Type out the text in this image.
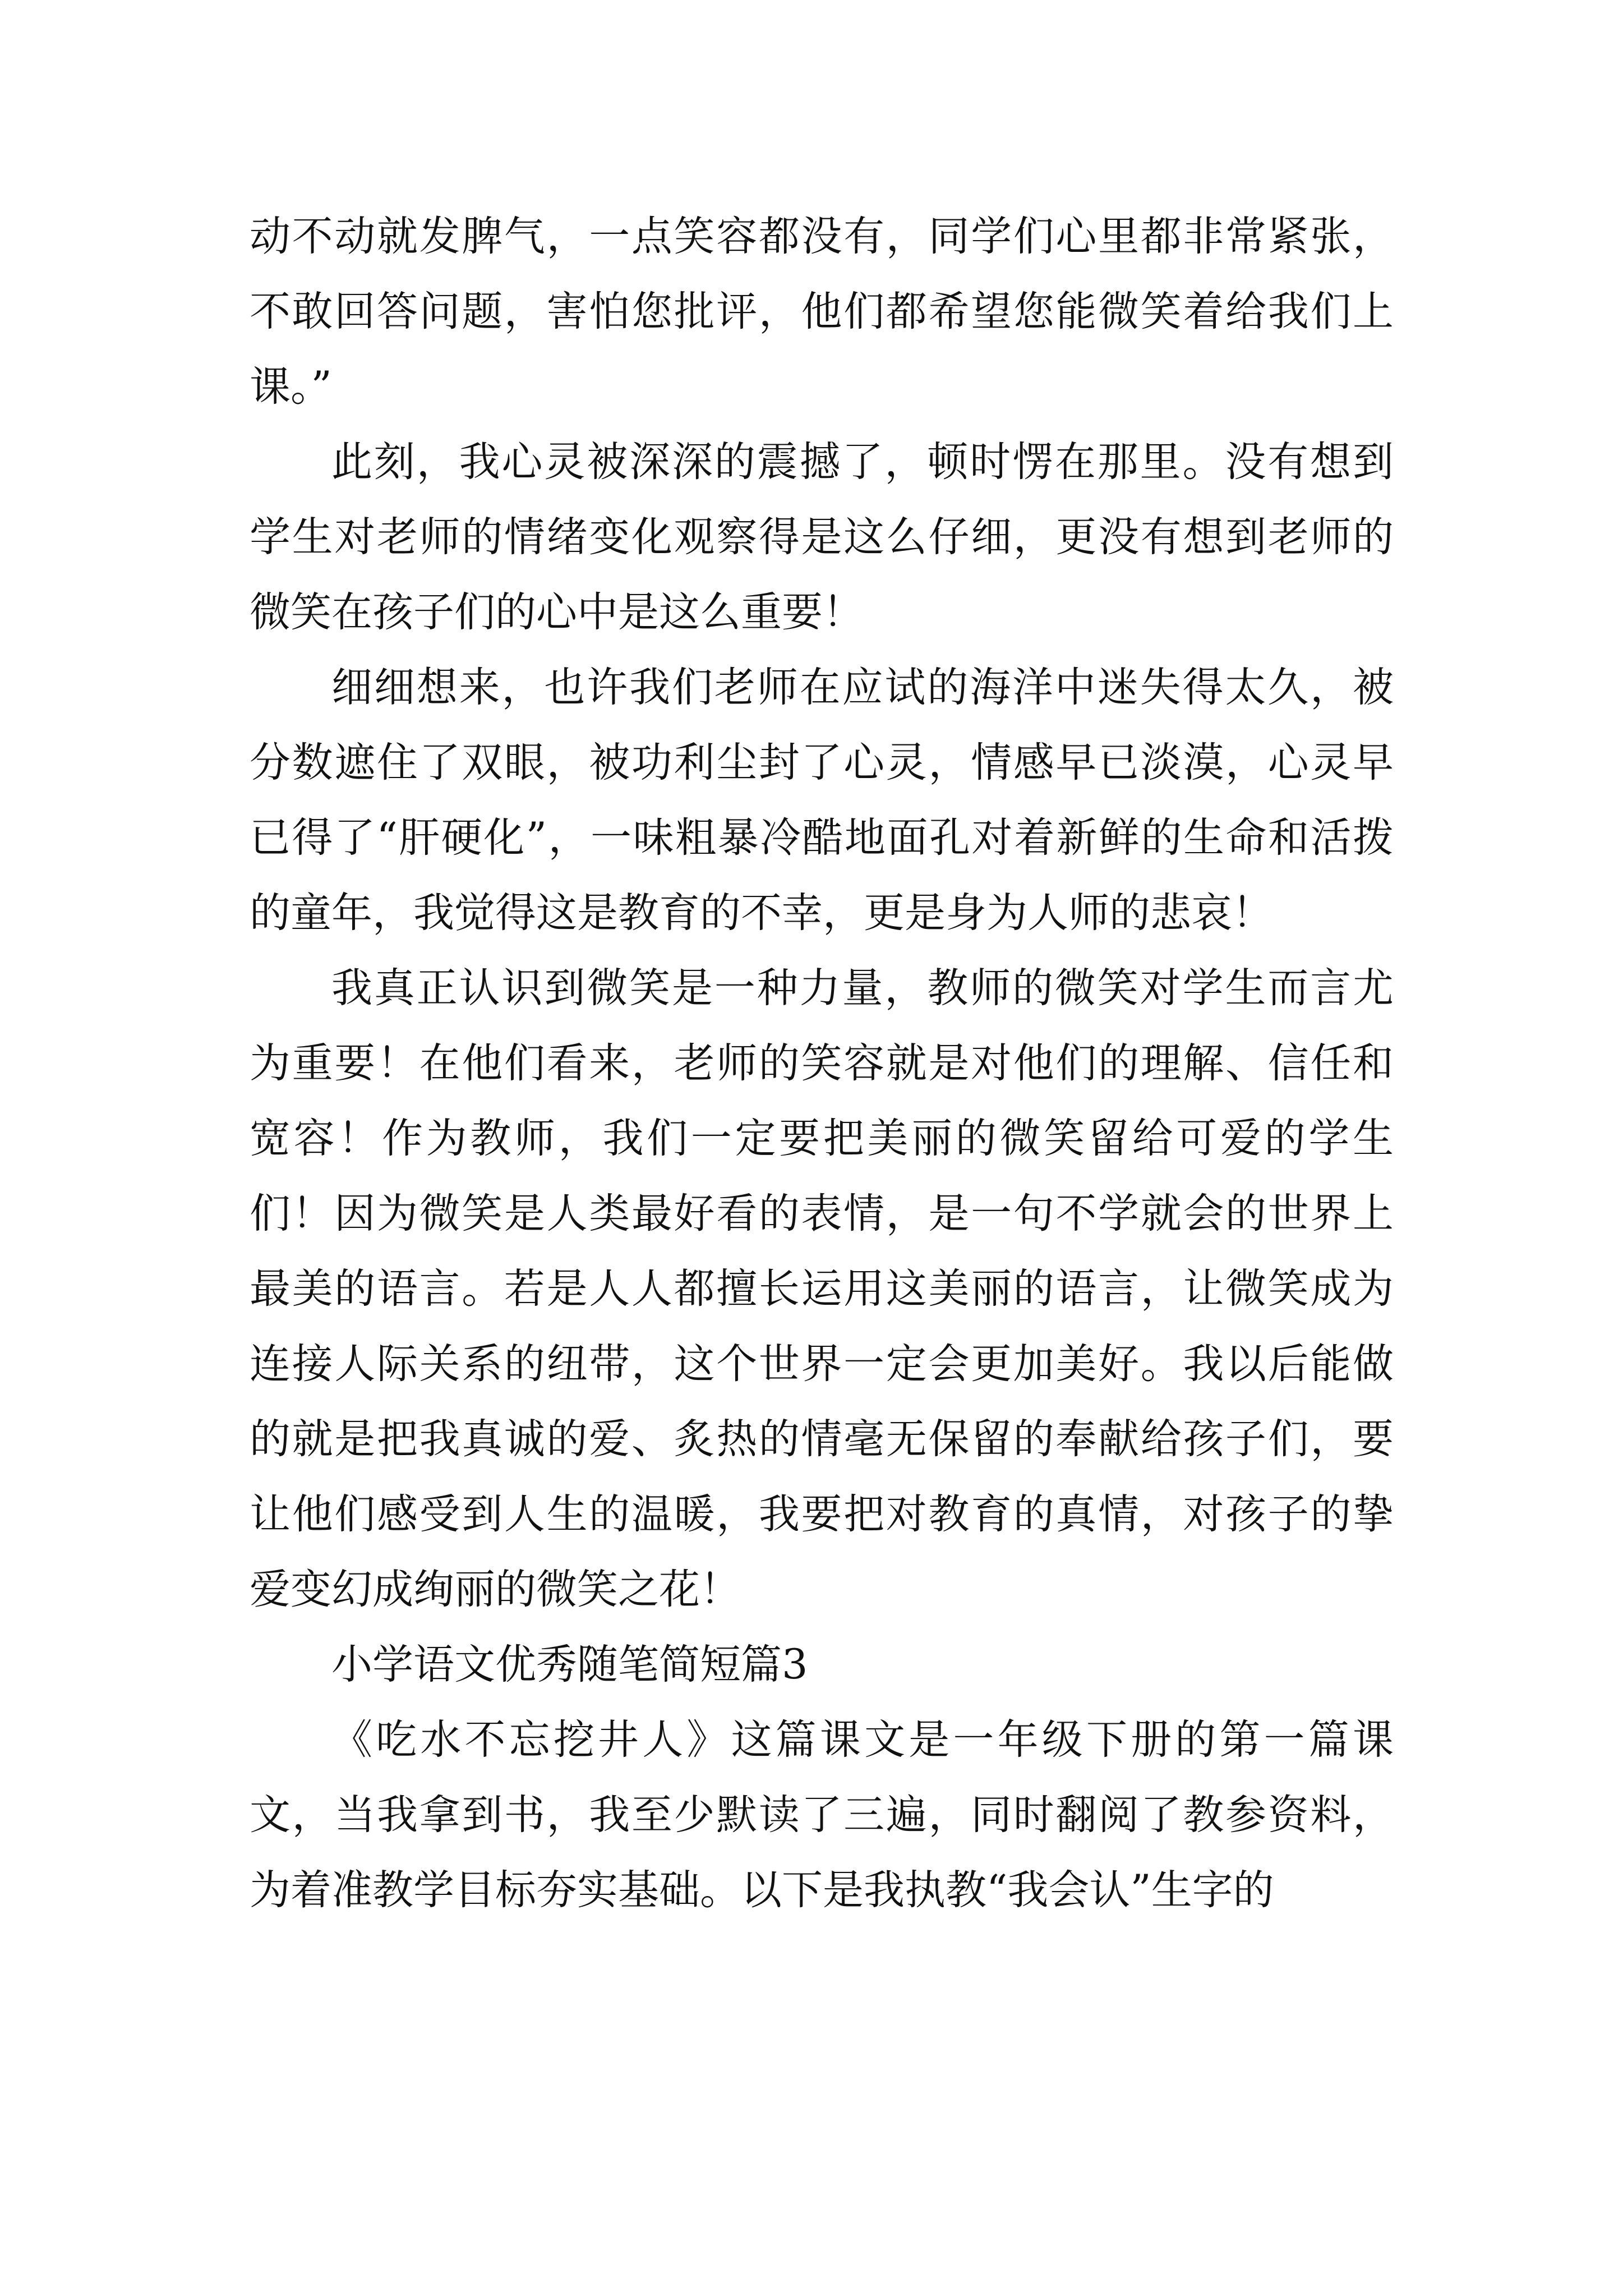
动不动就发脾气，一点笑容都没有，同学们心里都非常紧张，不敢回答问题，害怕您批评，他们都希望您能微笑着给我们上课。”

此刻，我心灵被深深的震撼了，顿时愣在那里。没有想到学生对老师的情绪变化观察得是这么仔细，更没有想到老师的微笑在孩子们的心中是这么重要！

细细想来，也许我们老师在应试的海洋中迷失得太久，被分数遮住了双眼，被功利尘封了心灵，情感早已淡漠，心灵早已得了“肝硬化”，一味粗暴冷酷地面孔对着新鲜的生命和活拨的童年，我觉得这是教育的不幸，更是身为人师的悲哀！

我真正认识到微笑是一种力量，教师的微笑对学生而言尤为重要！在他们看来，老师的笑容就是对他们的理解、信任和宽容！作为教师，我们一定要把美丽的微笑留给可爱的学生们！因为微笑是人类最好看的表情，是一句不学就会的世界上最美的语言。若是人人都擅长运用这美丽的语言，让微笑成为连接人际关系的纽带，这个世界一定会更加美好。我以后能做的就是把我真诚的爱、炙热的情毫无保留的奉献给孩子们，要让他们感受到人生的温暖，我要把对教育的真情，对孩子的挚爱变幻成绚丽的微笑之花！

小学语文优秀随笔简短篇3

《吃水不忘挖井人》这篇课文是一年级下册的第一篇课文，当我拿到书，我至少默读了三遍，同时翻阅了教参资料，为着准教学目标夯实基础。以下是我执教“我会认”生字的
